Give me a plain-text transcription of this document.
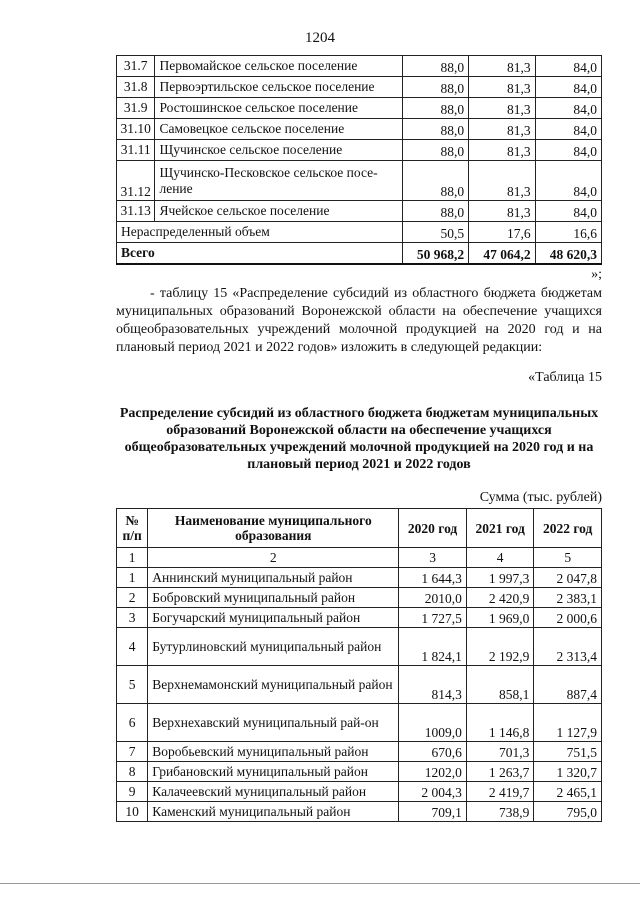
1204
31.7	Первомайское сельское поселение	88,0	81,3	84,0
31.8	Первоэртильское сельское поселение	88,0	81,3	84,0
31.9	Ростошинское сельское поселение	88,0	81,3	84,0
31.10	Самовецкое сельское поселение	88,0	81,3	84,0
31.11	Щучинское сельское поселение	88,0	81,3	84,0
31.12	Щучинско-Песковское сельское посе-ление	88,0	81,3	84,0
31.13	Ячейское сельское поселение	88,0	81,3	84,0
Нераспределенный объем		50,5	17,6	16,6
Всего		50 968,2	47 064,2	48 620,3
»;
- таблицу 15 «Распределение субсидий из областного бюджета бюджетам муниципальных образований Воронежской области на обеспечение учащихся общеобразовательных учреждений молочной продукцией на 2020 год и на плановый период 2021 и 2022 годов» изложить в следующей редакции:
«Таблица 15
Распределение субсидий из областного бюджета бюджетам муниципальных образований Воронежской области на обеспечение учащихся общеобразовательных учреждений молочной продукцией на 2020 год и на плановый период 2021 и 2022 годов
Сумма (тыс. рублей)
№ п/п	Наименование муниципального образования	2020 год	2021 год	2022 год
1	2	3	4	5
1	Аннинский муниципальный район	1 644,3	1 997,3	2 047,8
2	Бобровский муниципальный район	2010,0	2 420,9	2 383,1
3	Богучарский муниципальный район	1 727,5	1 969,0	2 000,6
4	Бутурлиновский муниципальный район	1 824,1	2 192,9	2 313,4
5	Верхнемамонский муниципальный район	814,3	858,1	887,4
6	Верхнехавский муниципальный рай-он	1009,0	1 146,8	1 127,9
7	Воробьевский муниципальный район	670,6	701,3	751,5
8	Грибановский муниципальный район	1202,0	1 263,7	1 320,7
9	Калачеевский муниципальный район	2 004,3	2 419,7	2 465,1
10	Каменский муниципальный район	709,1	738,9	795,0
